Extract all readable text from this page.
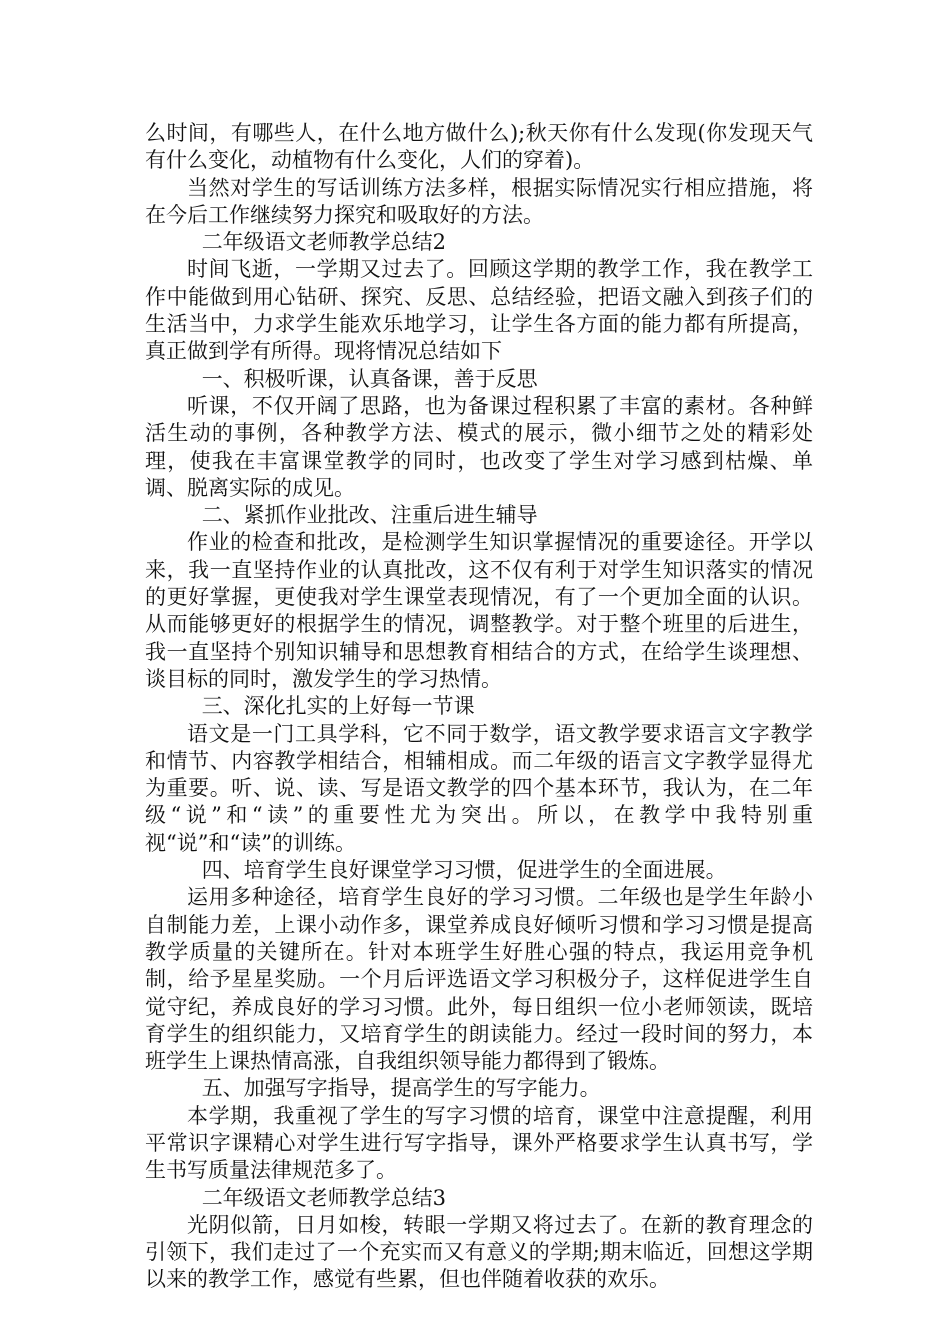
么时间，有哪些人，在什么地方做什么);秋天你有什么发现(你发现天气有什么变化，动植物有什么变化，人们的穿着)。

当然对学生的写话训练方法多样，根据实际情况实行相应措施，将在今后工作继续努力探究和吸取好的方法。

二年级语文老师教学总结2

时间飞逝，一学期又过去了。回顾这学期的教学工作，我在教学工作中能做到用心钻研、探究、反思、总结经验，把语文融入到孩子们的生活当中，力求学生能欢乐地学习，让学生各方面的能力都有所提高，真正做到学有所得。现将情况总结如下

一、积极听课，认真备课，善于反思

听课，不仅开阔了思路，也为备课过程积累了丰富的素材。各种鲜活生动的事例，各种教学方法、模式的展示，微小细节之处的精彩处理，使我在丰富课堂教学的同时，也改变了学生对学习感到枯燥、单调、脱离实际的成见。

二、紧抓作业批改、注重后进生辅导

作业的检查和批改，是检测学生知识掌握情况的重要途径。开学以来，我一直坚持作业的认真批改，这不仅有利于对学生知识落实的情况的更好掌握，更使我对学生课堂表现情况，有了一个更加全面的认识。从而能够更好的根据学生的情况，调整教学。对于整个班里的后进生，我一直坚持个别知识辅导和思想教育相结合的方式，在给学生谈理想、谈目标的同时，激发学生的学习热情。

三、深化扎实的上好每一节课

语文是一门工具学科，它不同于数学，语文教学要求语言文字教学和情节、内容教学相结合，相辅相成。而二年级的语言文字教学显得尤为重要。听、说、读、写是语文教学的四个基本环节，我认为，在二年级“说”和“读”的重要性尤为突出。所以，在教学中我特别重视“说”和“读”的训练。

四、培育学生良好课堂学习习惯，促进学生的全面进展。

运用多种途径，培育学生良好的学习习惯。二年级也是学生年龄小自制能力差，上课小动作多，课堂养成良好倾听习惯和学习习惯是提高教学质量的关键所在。针对本班学生好胜心强的特点，我运用竞争机制，给予星星奖励。一个月后评选语文学习积极分子，这样促进学生自觉守纪，养成良好的学习习惯。此外，每日组织一位小老师领读，既培育学生的组织能力，又培育学生的朗读能力。经过一段时间的努力，本班学生上课热情高涨，自我组织领导能力都得到了锻炼。

五、加强写字指导，提高学生的写字能力。

本学期，我重视了学生的写字习惯的培育，课堂中注意提醒，利用平常识字课精心对学生进行写字指导，课外严格要求学生认真书写，学生书写质量法律规范多了。

二年级语文老师教学总结3

光阴似箭，日月如梭，转眼一学期又将过去了。在新的教育理念的引领下，我们走过了一个充实而又有意义的学期;期末临近，回想这学期以来的教学工作，感觉有些累，但也伴随着收获的欢乐。
